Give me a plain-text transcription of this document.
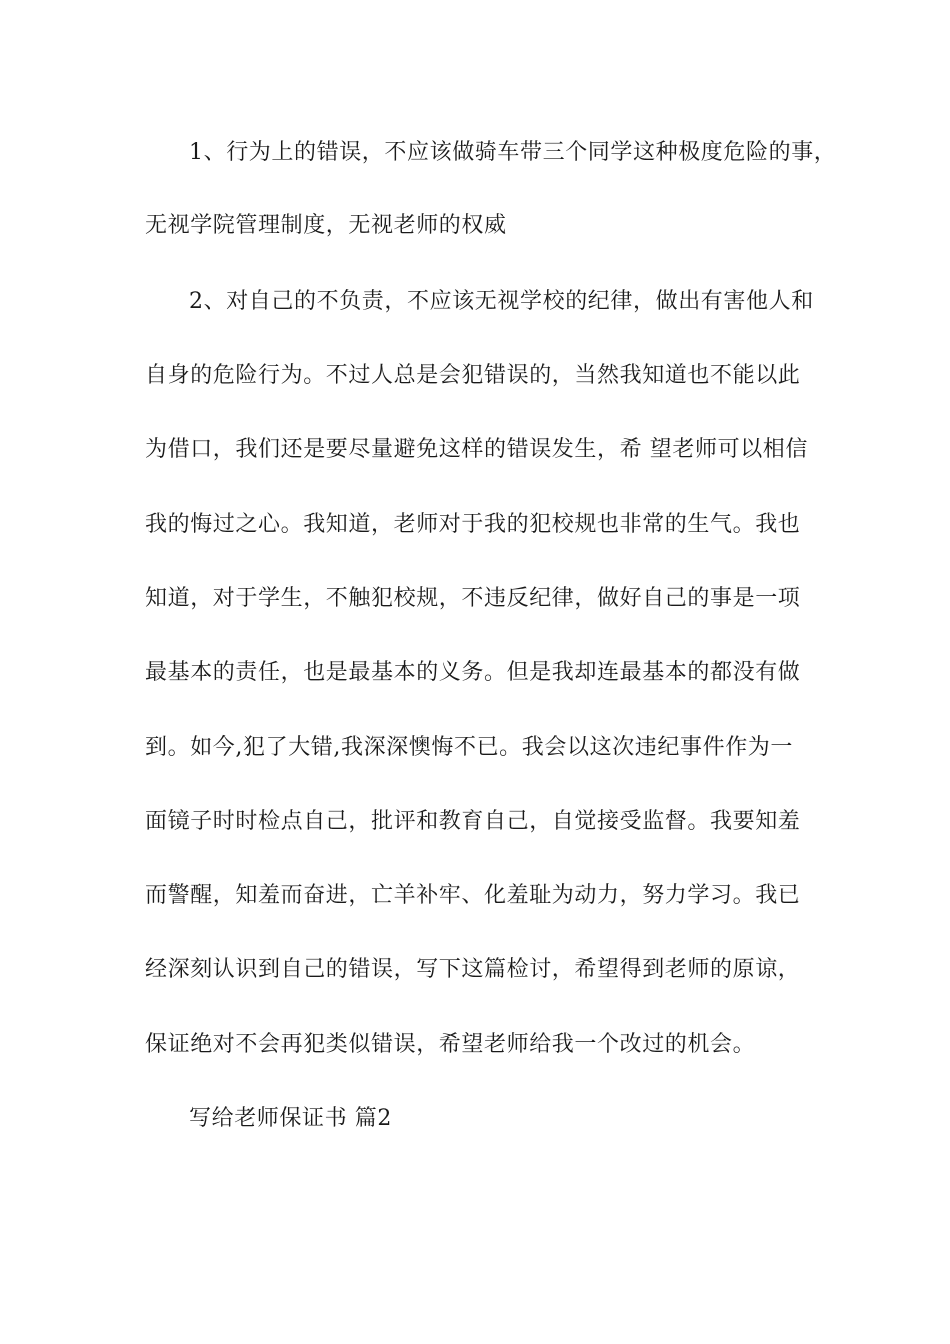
1、行为上的错误，不应该做骑车带三个同学这种极度危险的事，
无视学院管理制度，无视老师的权威
2、对自己的不负责，不应该无视学校的纪律，做出有害他人和
自身的危险行为。不过人总是会犯错误的，当然我知道也不能以此
为借口，我们还是要尽量避免这样的错误发生，希 望老师可以相信
我的悔过之心。我知道，老师对于我的犯校规也非常的生气。我也
知道，对于学生，不触犯校规，不违反纪律，做好自己的事是一项
最基本的责任，也是最基本的义务。但是我却连最基本的都没有做
到。如今,犯了大错,我深深懊悔不已。我会以这次违纪事件作为一
面镜子时时检点自己，批评和教育自己，自觉接受监督。我要知羞
而警醒，知羞而奋进，亡羊补牢、化羞耻为动力，努力学习。我已
经深刻认识到自己的错误，写下这篇检讨，希望得到老师的原谅，
保证绝对不会再犯类似错误，希望老师给我一个改过的机会。
写给老师保证书 篇2
